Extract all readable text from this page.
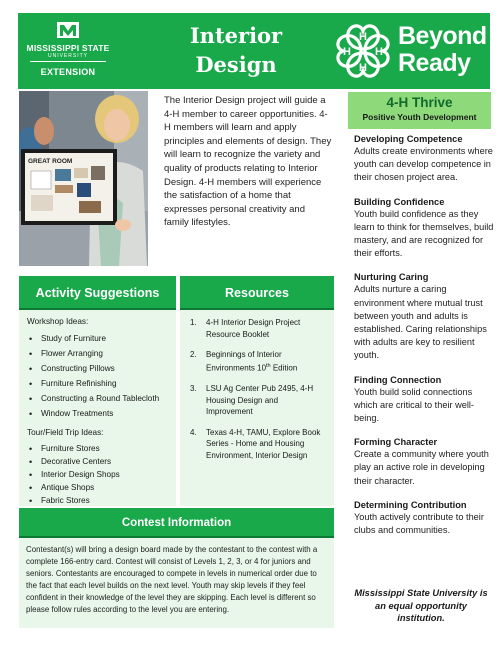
MISSISSIPPI STATE
UNIVERSITY
EXTENSION
Interior
Design
H
H
H H
Beyond
Ready
GREAT ROOM

The Interior Design project will guide a 4-H member to career opportunities. 4-H members will learn and apply principles and elements of design. They will learn to recognize the variety and quality of products relating to Interior Design. 4-H members will experience the satisfaction of a home that expresses personal creativity and family lifestyles.

4-H Thrive
Positive Youth Development
Developing Competence

Adults create environments where youth can develop competence in their chosen project area.

Building Confidence

Youth build confidence as they learn to think for themselves, build mastery, and are recognized for their efforts.

Nurturing Caring

Adults nurture a caring environment where mutual trust between youth and adults is established. Caring relationships with adults are key to resilient youth.

Finding Connection

Youth build solid connections which are critical to their well-being.

Forming Character

Create a community where youth play an active role in developing their character.

Determining Contribution

Youth actively contribute to their clubs and communities.

Mississippi State University is an equal opportunity institution.

Activity Suggestions
Workshop Ideas:
• Study of Furniture
• Flower Arranging
• Constructing Pillows
• Furniture Refinishing
• Constructing a Round Tablecloth
• Window Treatments
Tour/Field Trip Ideas:
• Furniture Stores
• Decorative Centers
• Interior Design Shops
• Antique Shops
• Fabric Stores
Resources
1. 4-H Interior Design Project Resource Booklet
2. Beginnings of Interior Environments 10th Edition
3. LSU Ag Center Pub 2495, 4-H Housing Design and Improvement
4. Texas 4-H, TAMU, Explore Book Series - Home and Housing Environment, Interior Design
Contest Information

Contestant(s) will bring a design board made by the contestant to the contest with a complete 166-entry card. Contest will consist of Levels 1, 2, 3, or 4 for juniors and seniors. Contestants are encouraged to compete in levels in numerical order due to the fact that each level builds on the next level. Youth may skip levels if they feel confident in their knowledge of the level they are skipping. Each level is different so please follow rules according to the level you are entering.
